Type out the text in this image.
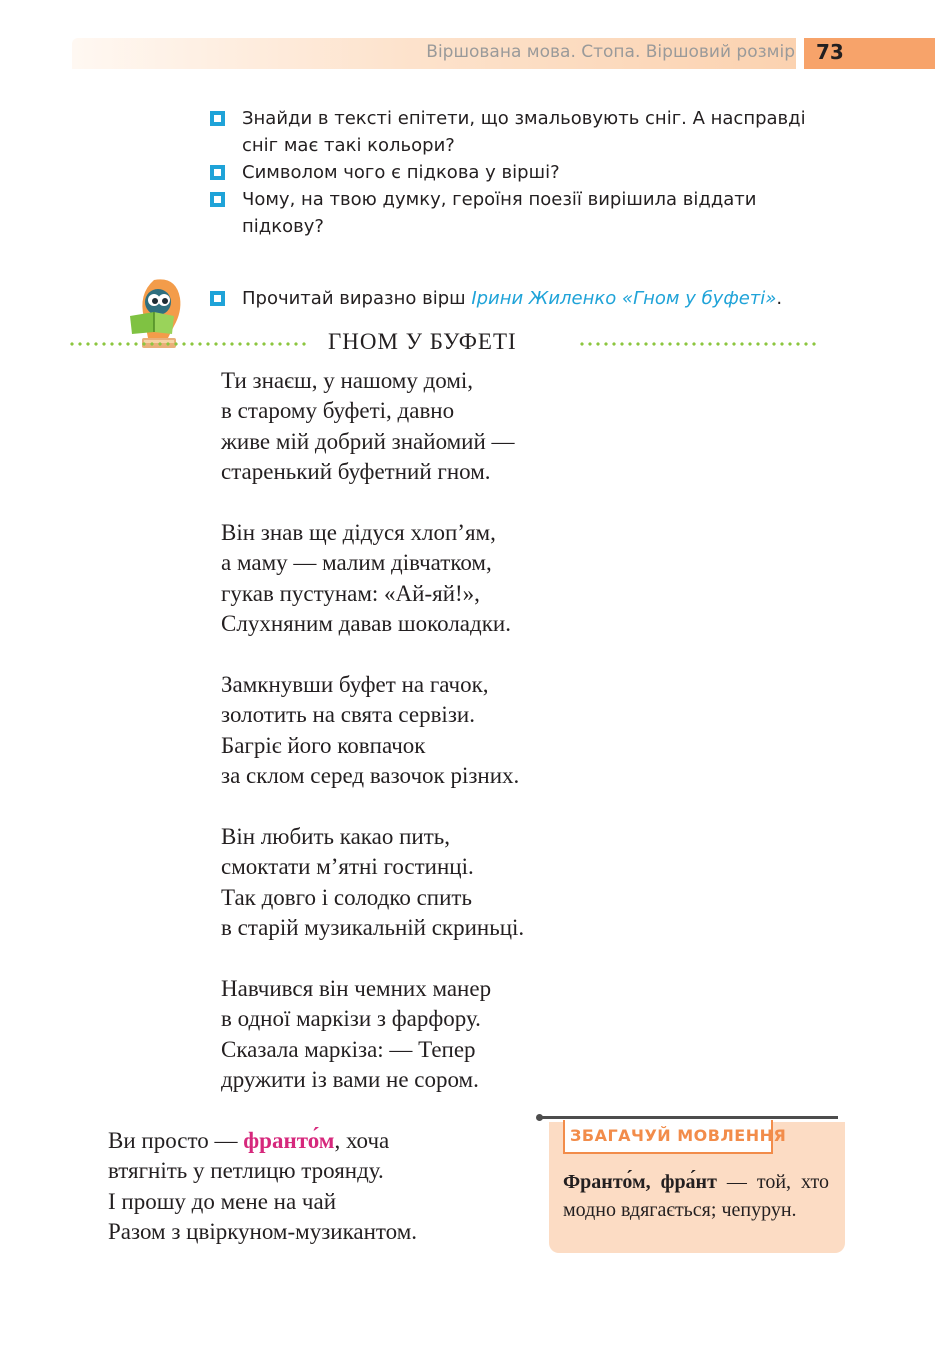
Віршована мова. Стопа. Віршовий розмір 73
Знайди в тексті епітети, що змальовують сніг. А насправді сніг має такі кольори?
Символом чого є підкова у вірші?
Чому, на твою думку, героїня поезії вирішила віддати підкову?
Прочитай виразно вірш Ірини Жиленко «Гном у буфеті».
ГНОМ У БУФЕТІ
Ти знаєш, у нашому домі,
в старому буфеті, давно
живе мій добрий знайомий —
старенький буфетний гном.
Він знав ще дідуся хлоп’ям,
а маму — малим дівчатком,
гукав пустунам: «Ай-яй!»,
Слухняним давав шоколадки.
Замкнувши буфет на гачок,
золотить на свята сервізи.
Багріє його ковпачок
за склом серед вазочок різних.
Він любить какао пить,
смоктати м’ятні гостинці.
Так довго і солодко спить
в старій музикальній скриньці.
Навчився він чемних манер
в одної маркізи з фарфору.
Сказала маркіза: — Тепер
дружити із вами не сором.
Ви просто — франто́м, хоча
втягніть у петлицю троянду.
І прошу до мене на чай
Разом з цвіркуном-музикантом.
ЗБАГАЧУЙ МОВЛЕННЯ
Франто́м, фра́нт — той, хто модно вдягається; чепурун.
